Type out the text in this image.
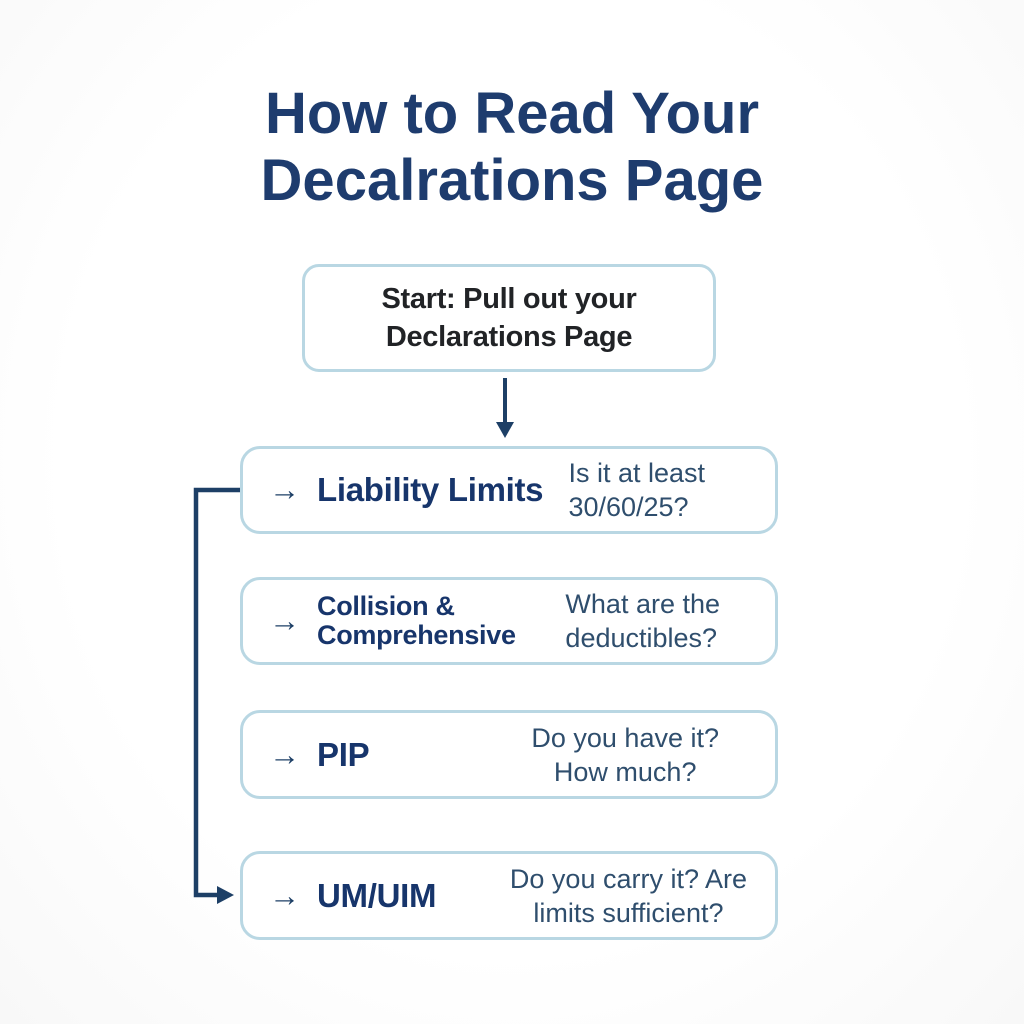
How to Read Your
Decalrations Page
Start: Pull out your
Declarations Page
→ Liability Limits Is it at least
30/60/25?
→ Collision &
Comprehensive
What are the
deductibles?
→ PIP	Do you have it?
How much?
→ UM/UIM	Do you carry it? Are
limits sufficient?
